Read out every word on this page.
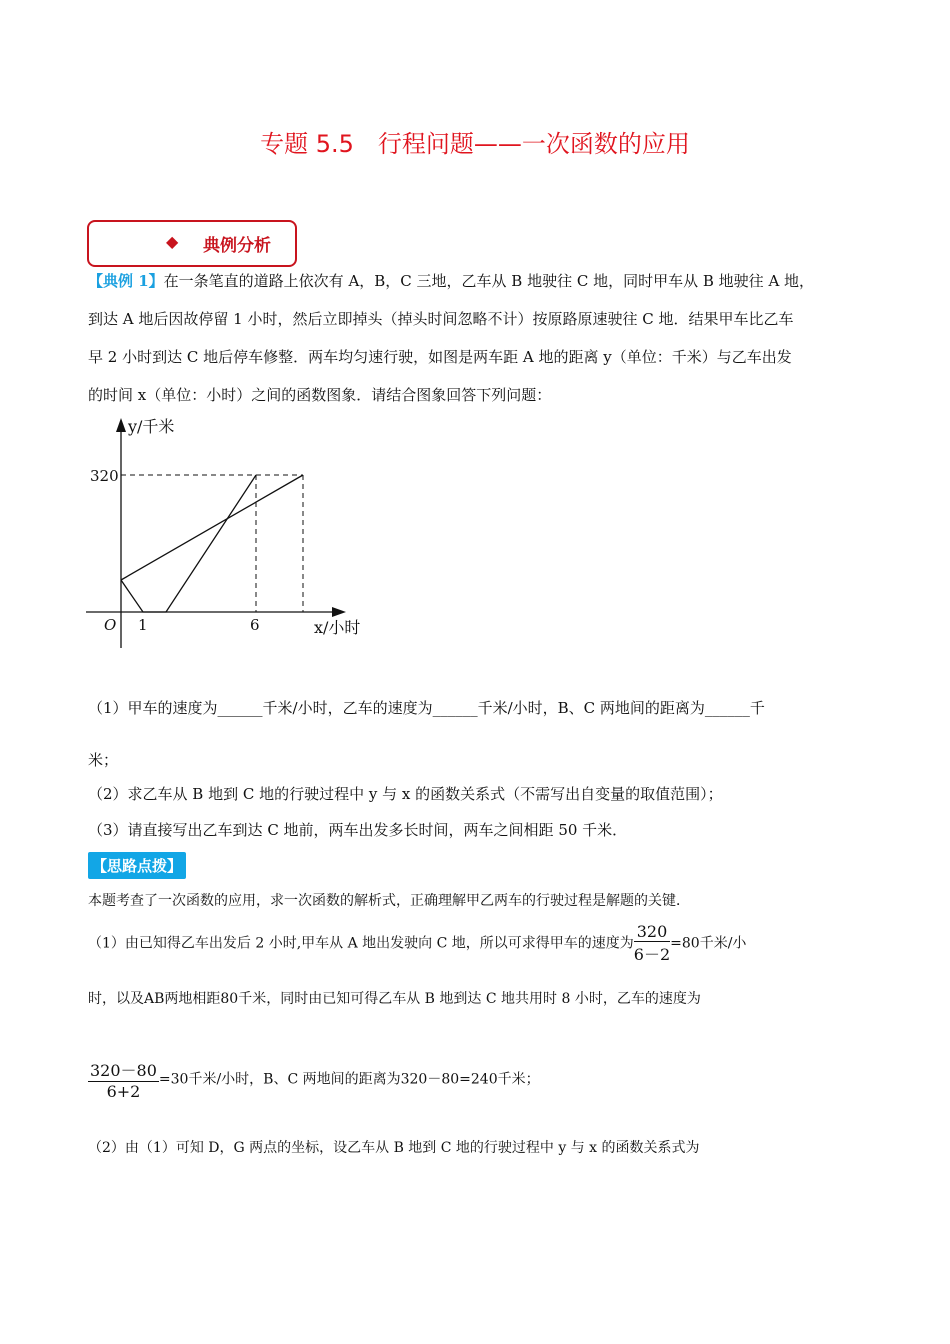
专题 5.5　行程问题——一次函数的应用
◆ 典例分析
【典例 1】在一条笔直的道路上依次有 A，B，C 三地，乙车从 B 地驶往 C 地，同时甲车从 B 地驶往 A 地，
到达 A 地后因故停留 1 小时，然后立即掉头（掉头时间忽略不计）按原路原速驶往 C 地．结果甲车比乙车
早 2 小时到达 C 地后停车修整．两车均匀速行驶，如图是两车距 A 地的距离 y（单位：千米）与乙车出发
的时间 x（单位：小时）之间的函数图象．请结合图象回答下列问题：
y/千米
320
O 1	6	x/小时
（1）甲车的速度为______千米/小时，乙车的速度为______千米/小时，B、C 两地间的距离为______千
米；
（2）求乙车从 B 地到 C 地的行驶过程中 y 与 x 的函数关系式（不需写出自变量的取值范围）；
（3）请直接写出乙车到达 C 地前，两车出发多长时间，两车之间相距 50 千米．
【思路点拨】
本题考查了一次函数的应用，求一次函数的解析式，正确理解甲乙两车的行驶过程是解题的关键．
（1）由已知得乙车出发后 2 小时,甲车从 A 地出发驶向 C 地，所以可求得甲车的速度为 $\frac{320}{6-2} =80$千米/小
时，以及AB两地相距80千米，同时由已知可得乙车从 B 地到达 C 地共用时 8 小时，乙车的速度为
$\frac{320-80}{6+2} =30$千米/小时，B、C 两地间的距离为320－80=240千米；
（2）由（1）可知 D，G 两点的坐标，设乙车从 B 地到 C 地的行驶过程中 y 与 x 的函数关系式为
